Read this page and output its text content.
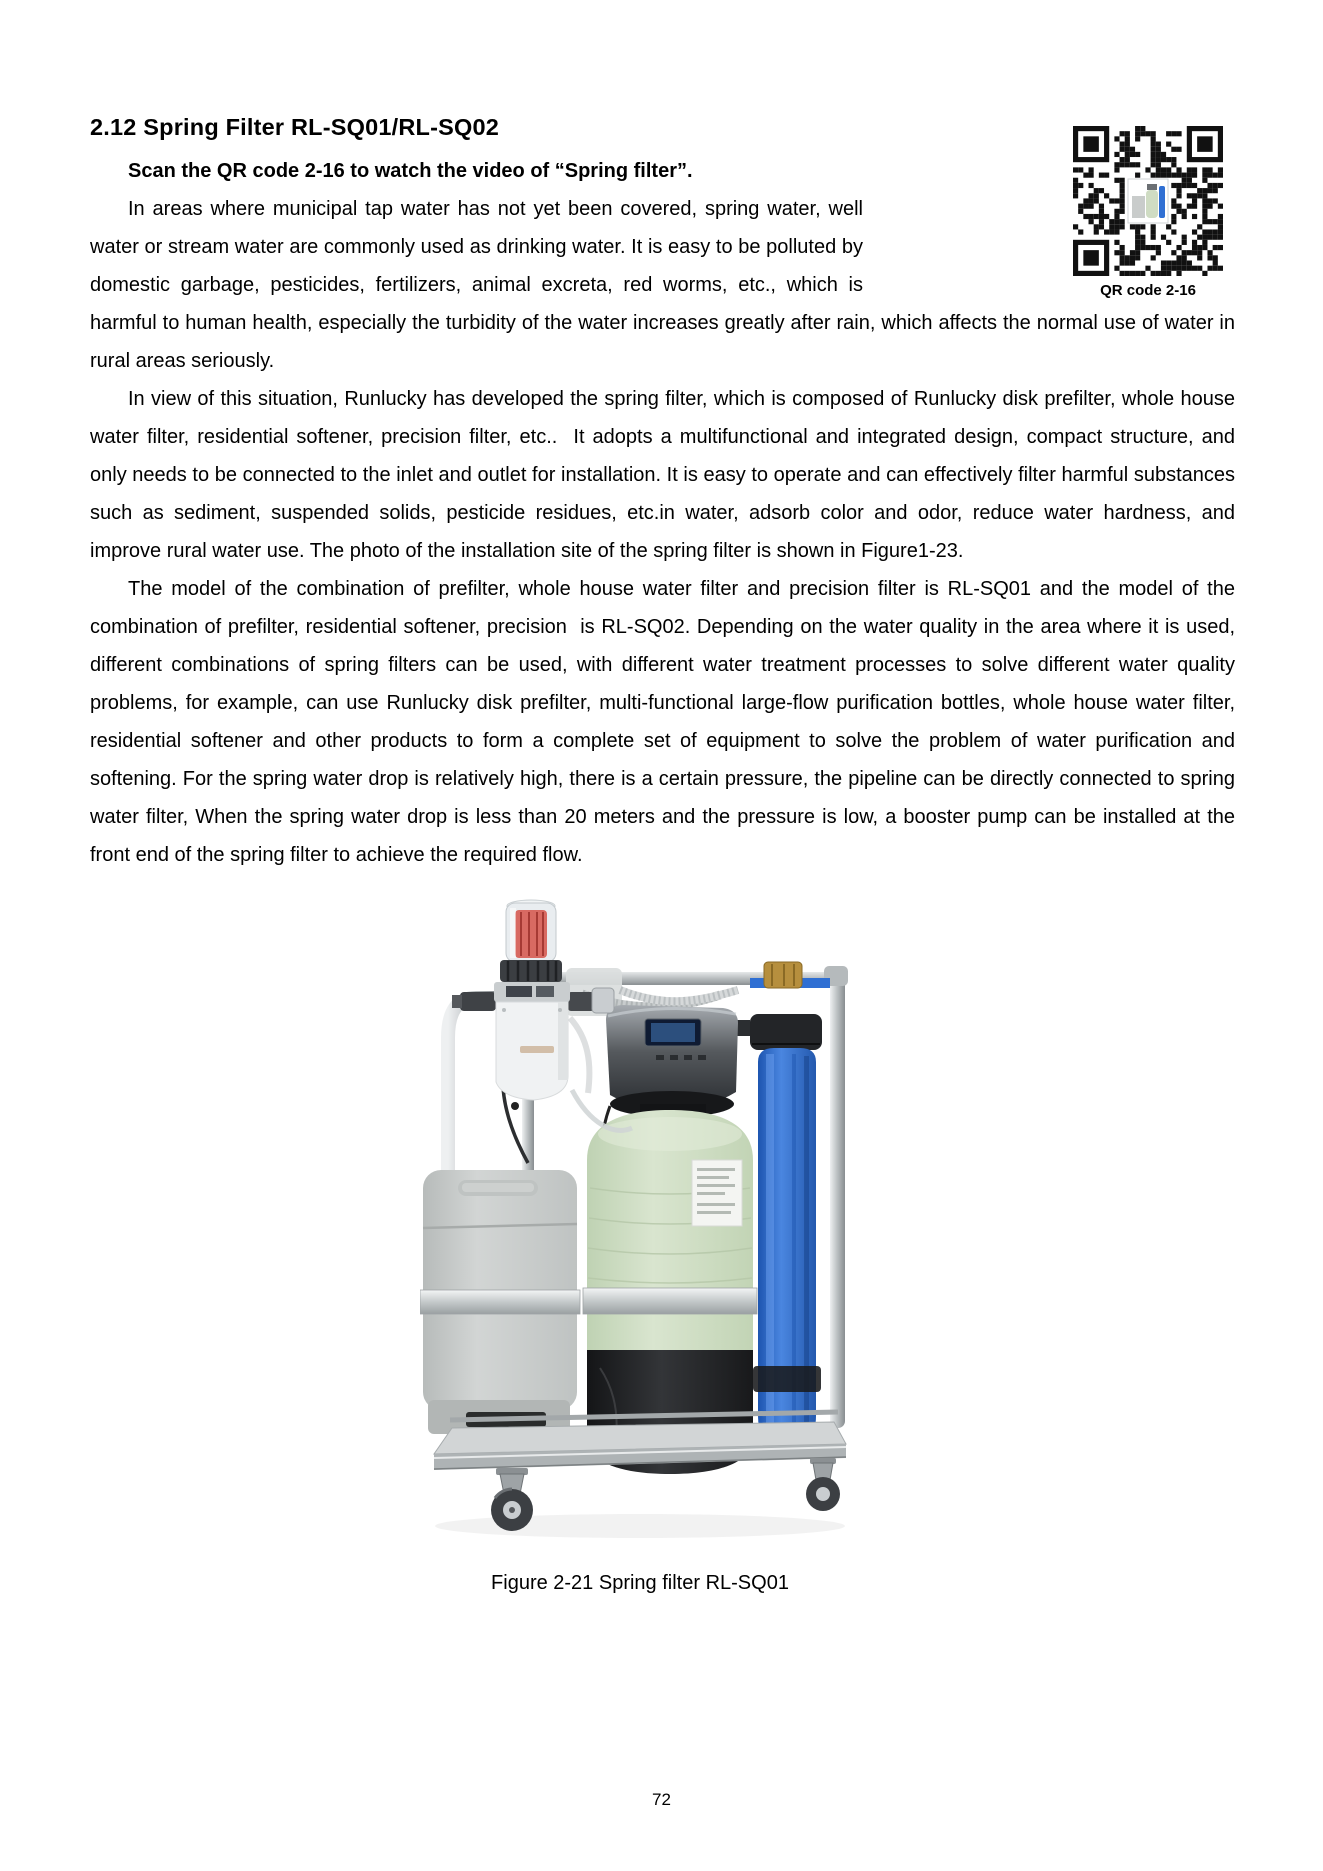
QR code 2-16
2.12 Spring Filter RL-SQ01/RL-SQ02

Scan the QR code 2-16 to watch the video of “Spring filter”.

In areas where municipal tap water has not yet been covered, spring water, well water or stream water are commonly used as drinking water. It is easy to be polluted by domestic garbage, pesticides, fertilizers, animal excreta, red worms, etc., which is harmful to human health, especially the turbidity of the water increases greatly after rain, which affects the normal use of water in rural areas seriously.

In view of this situation, Runlucky has developed the spring filter, which is composed of Runlucky disk prefilter, whole house water filter, residential softener, precision filter, etc..  It adopts a multifunctional and integrated design, compact structure, and only needs to be connected to the inlet and outlet for installation. It is easy to operate and can effectively filter harmful substances such as sediment, suspended solids, pesticide residues, etc.in water, adsorb color and odor, reduce water hardness, and improve rural water use. The photo of the installation site of the spring filter is shown in Figure1-23.

The model of the combination of prefilter, whole house water filter and precision filter is RL-SQ01 and the model of the combination of prefilter, residential softener, precision  is RL-SQ02. Depending on the water quality in the area where it is used, different combinations of spring filters can be used, with different water treatment processes to solve different water quality problems, for example, can use Runlucky disk prefilter, multi-functional large-flow purification bottles, whole house water filter, residential softener and other products to form a complete set of equipment to solve the problem of water purification and softening. For the spring water drop is relatively high, there is a certain pressure, the pipeline can be directly connected to spring water filter, When the spring water drop is less than 20 meters and the pressure is low, a booster pump can be installed at the front end of the spring filter to achieve the required flow.

Figure 2-21 Spring filter RL-SQ01
72
